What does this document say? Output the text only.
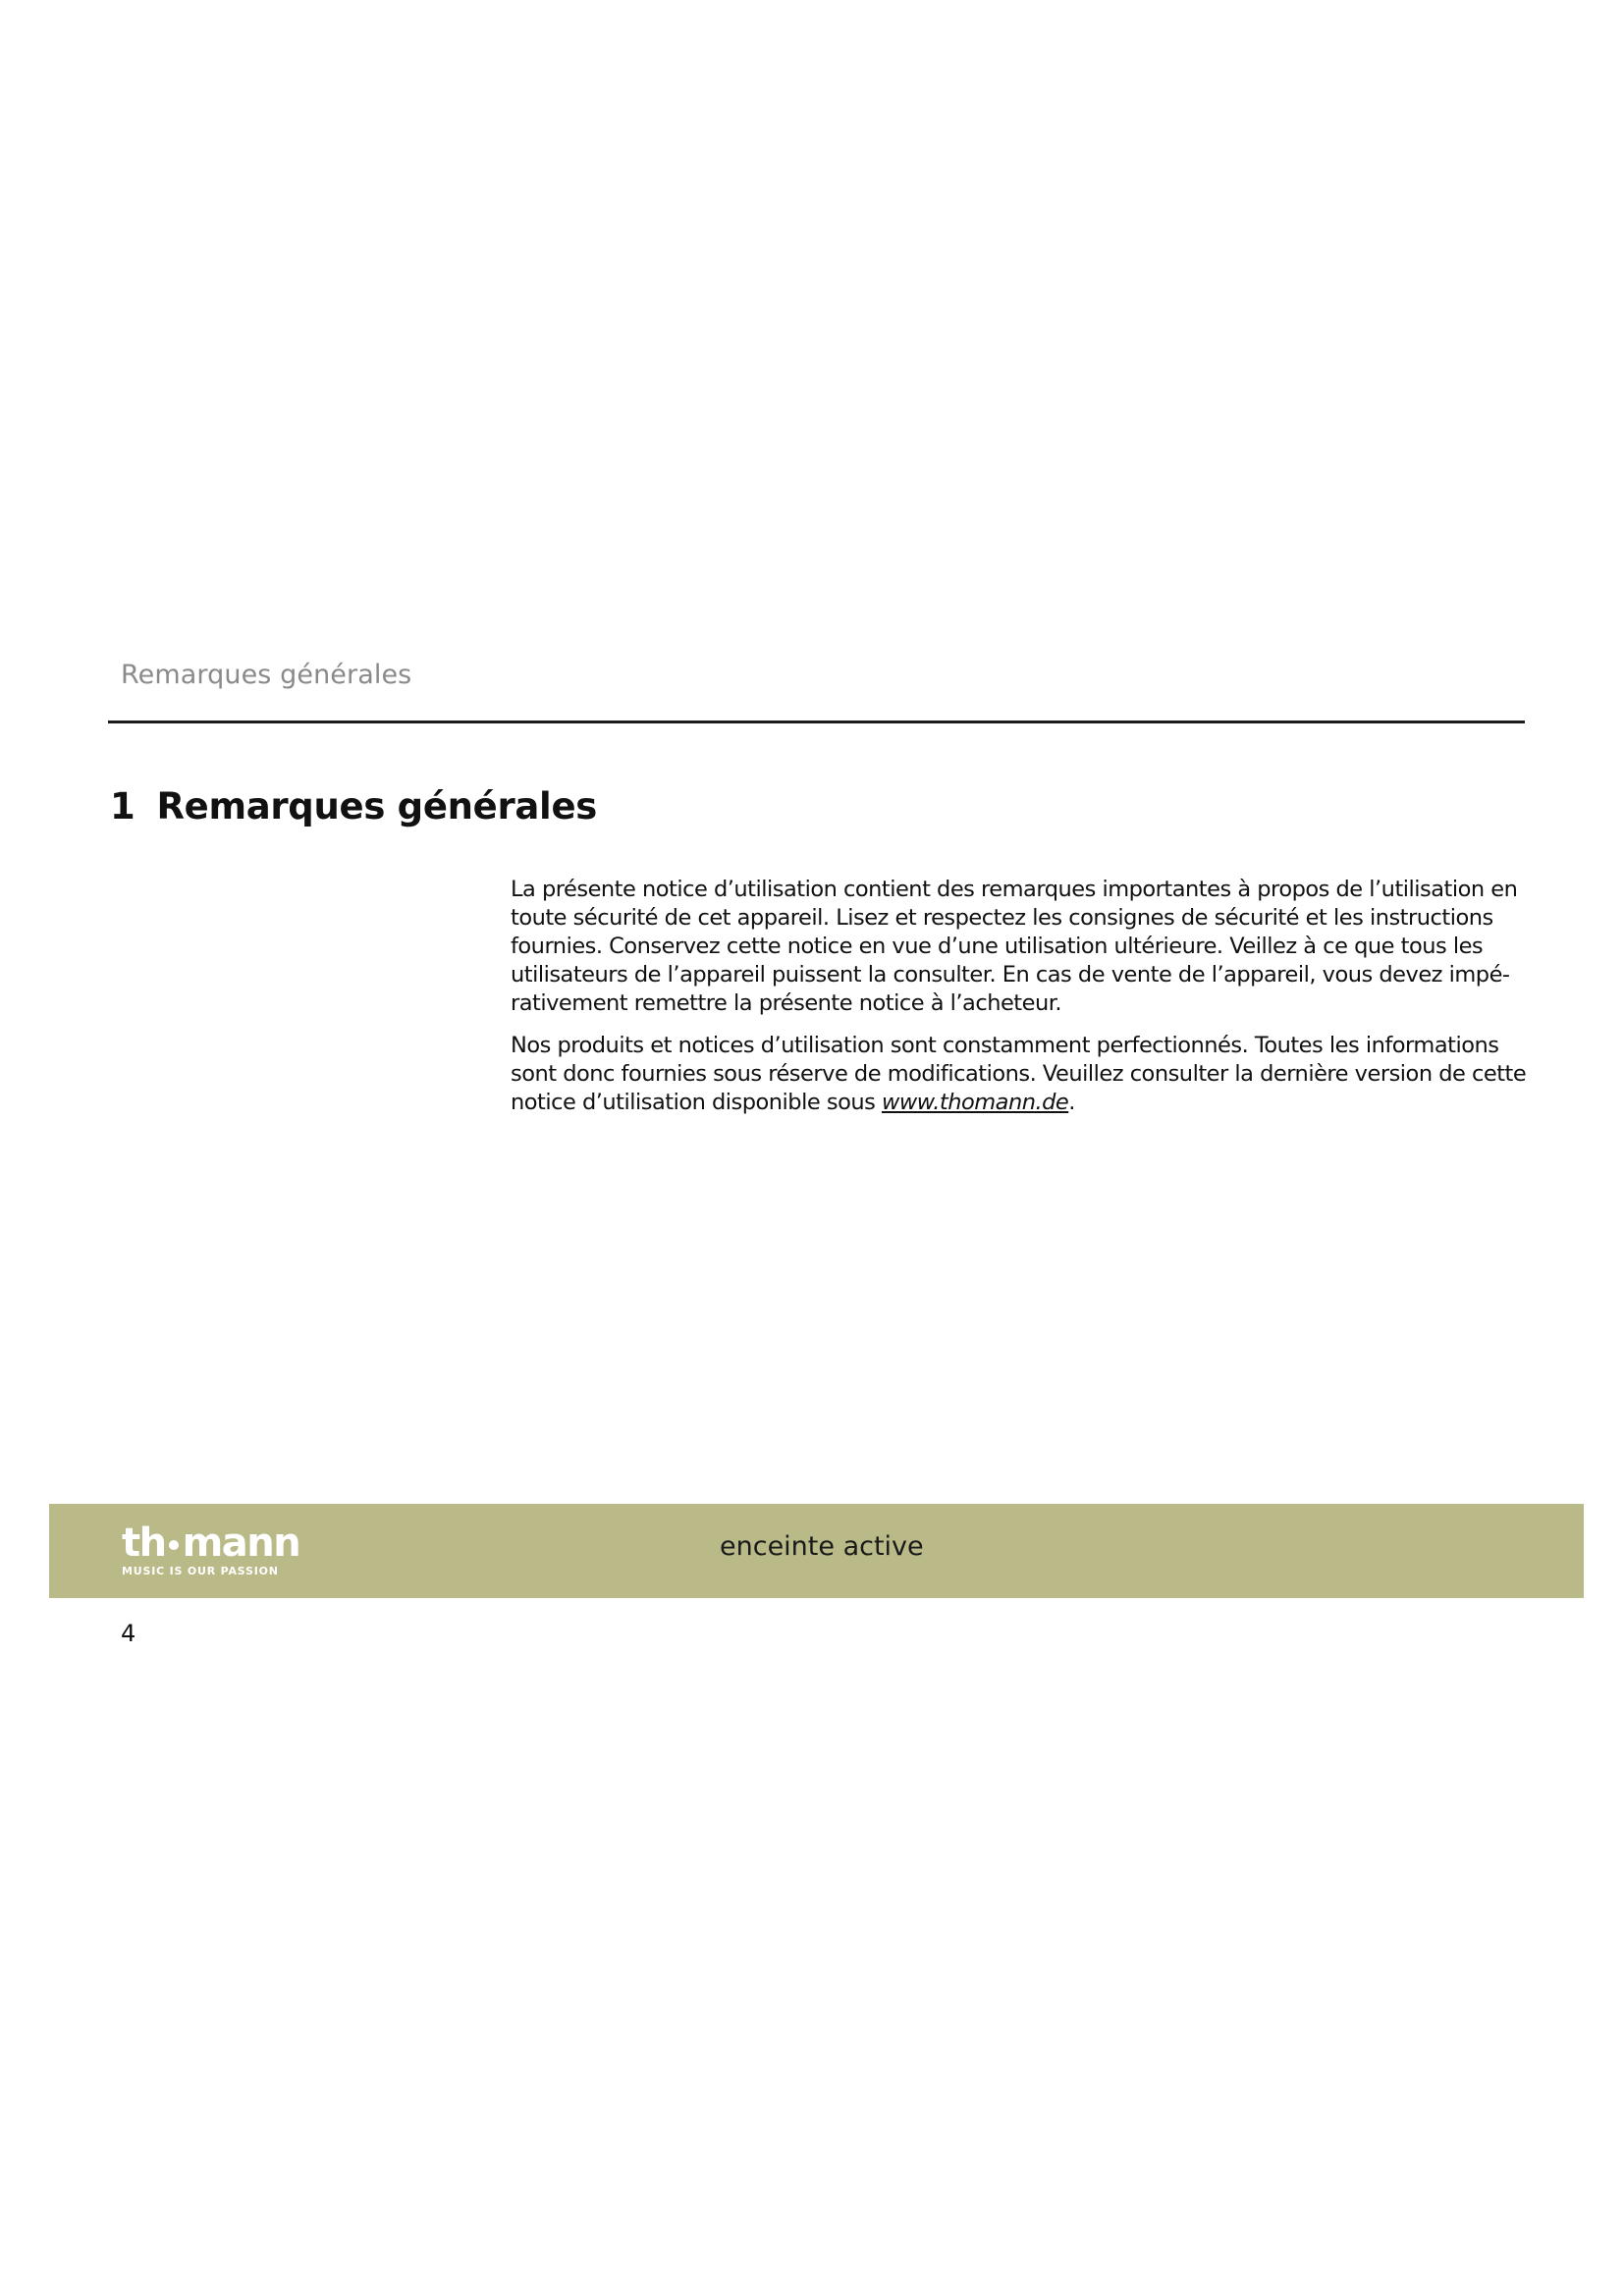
Remarques générales
1 Remarques générales

La présente notice d’utilisation contient des remarques importantes à propos de l’utilisation en
toute sécurité de cet appareil. Lisez et respectez les consignes de sécurité et les instructions
fournies. Conservez cette notice en vue d’une utilisation ultérieure. Veillez à ce que tous les
utilisateurs de l’appareil puissent la consulter. En cas de vente de l’appareil, vous devez impé-
rativement remettre la présente notice à l’acheteur.

Nos produits et notices d’utilisation sont constamment perfectionnés. Toutes les informations sont donc fournies sous réserve de modifications. Veuillez consulter la dernière version de cette notice d’utilisation disponible sous www.thomann.de.

th mann
MUSIC IS OUR PASSION
enceinte active
4
